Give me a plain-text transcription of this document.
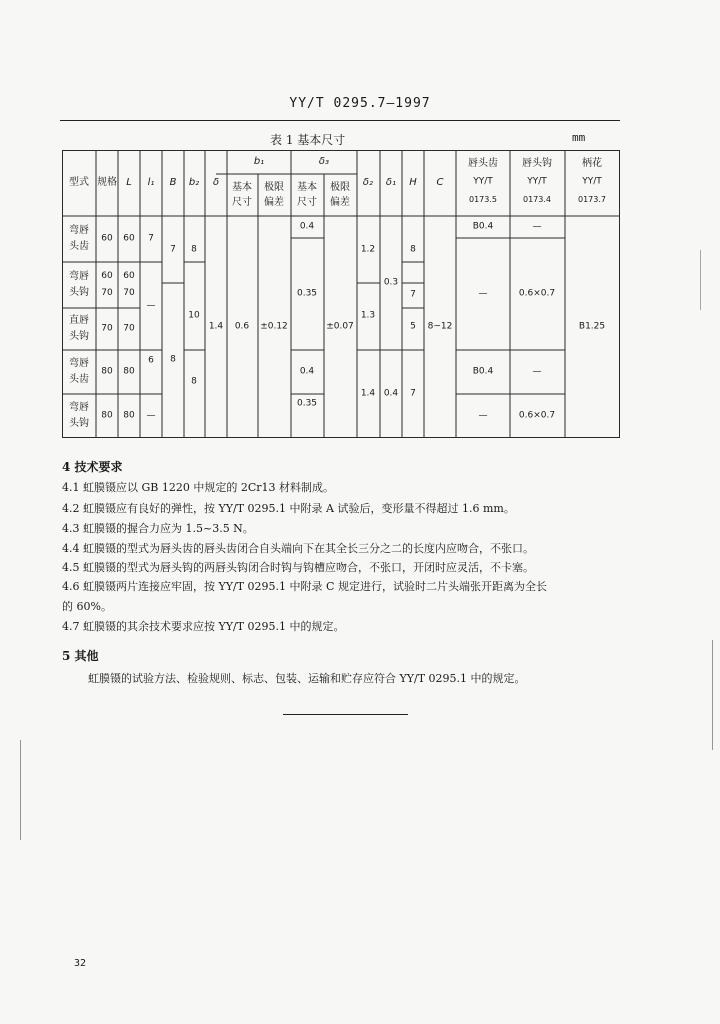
YY/T 0295.7—1997
表 1 基本尺寸	mm
型式 规格 L l₁ B b₂ δ
b₁
基本 尺寸
极限 偏差
δ₃
基本 尺寸
极限 偏差
δ₂ δ₁ H C
唇头齿
YY/T
0173.5
唇头钩
YY/T
0173.4
柄花
YY/T
0173.7
弯唇 头齿
60 60
弯唇 头钩
60 70
60 70
直唇 头钩
70 70
弯唇 头齿
80 80
弯唇 头钩
80 80
7
—
6
—
7
8
8
10
8
1.4 0.6 ±0.12
0.4
0.35
0.4
0.35
±0.07
1.2
1.3
1.4
0.3
0.4
8
7
5
7
8~12
B0.4
—
B0.4
—
—
0.6×0.7
—
0.6×0.7
B1.25
4 技术要求
4.1 虹膜镊应以 GB 1220 中规定的 2Cr13 材料制成。
4.2 虹膜镊应有良好的弹性，按 YY/T 0295.1 中附录 A 试验后，变形量不得超过 1.6 mm。
4.3 虹膜镊的握合力应为 1.5~3.5 N。
4.4 虹膜镊的型式为唇头齿的唇头齿闭合自头端向下在其全长三分之二的长度内应吻合，不张口。
4.5 虹膜镊的型式为唇头钩的两唇头钩闭合时钩与钩槽应吻合，不张口，开闭时应灵活，不卡塞。
4.6 虹膜镊两片连接应牢固，按 YY/T 0295.1 中附录 C 规定进行，试验时二片头端张开距离为全长
的 60%。
4.7 虹膜镊的其余技术要求应按 YY/T 0295.1 中的规定。
5 其他
虹膜镊的试验方法、检验规则、标志、包装、运输和贮存应符合 YY/T 0295.1 中的规定。
32
